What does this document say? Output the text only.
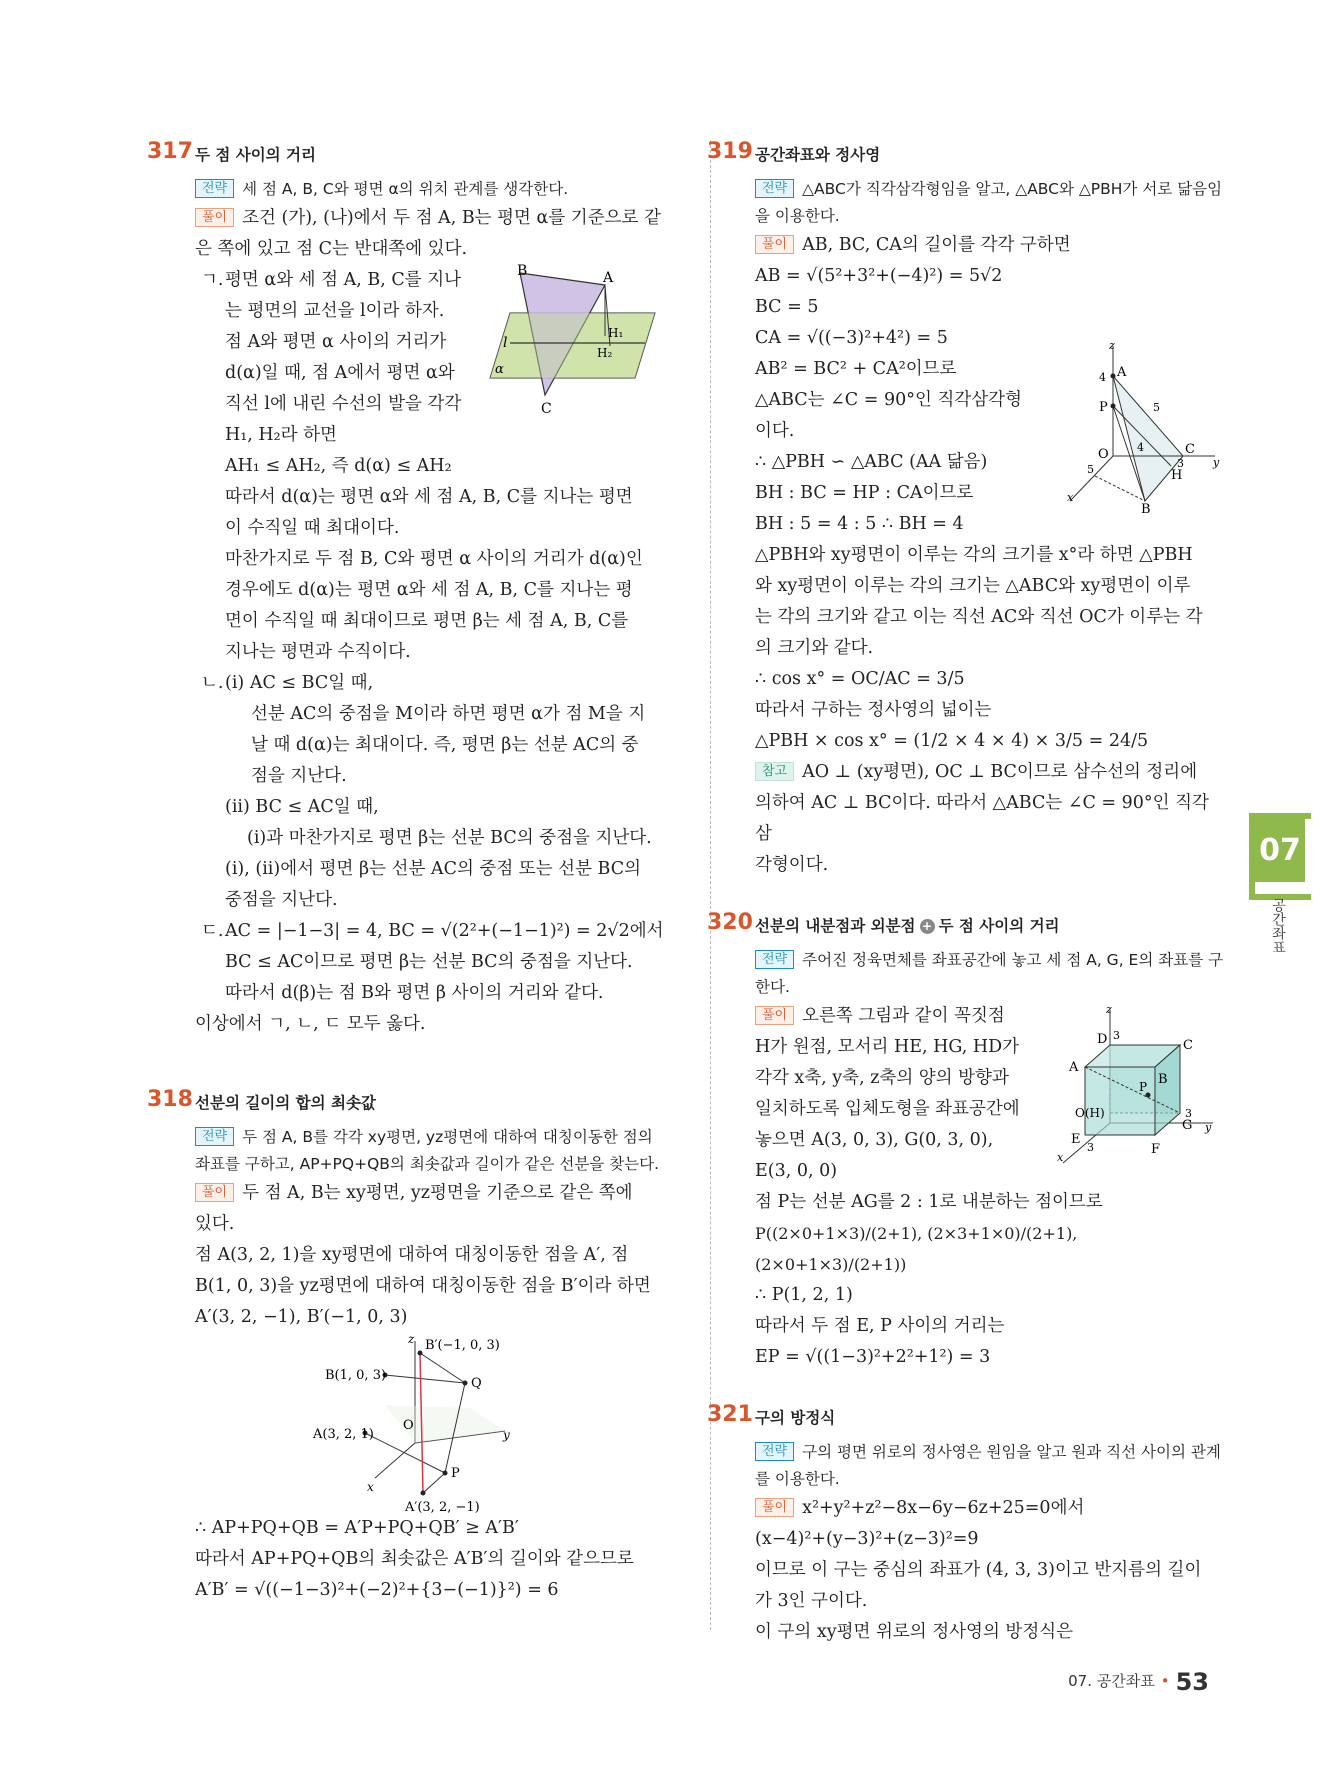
317 두 점 사이의 거리

전략 세 점 A, B, C와 평면 α의 위치 관계를 생각한다.

풀이 조건 (가), (나)에서 두 점 A, B는 평면 α를 기준으로 같

은 쪽에 있고 점 C는 반대쪽에 있다.

B	A
H₁
H₂
l
α
C

ㄱ.평면 α와 세 점 A, B, C를 지나

는 평면의 교선을 l이라 하자.

점 A와 평면 α 사이의 거리가

d(α)일 때, 점 A에서 평면 α와

직선 l에 내린 수선의 발을 각각

H₁, H₂라 하면

AH₁ ≤ AH₂, 즉 d(α) ≤ AH₂

따라서 d(α)는 평면 α와 세 점 A, B, C를 지나는 평면

이 수직일 때 최대이다.

마찬가지로 두 점 B, C와 평면 α 사이의 거리가 d(α)인

경우에도 d(α)는 평면 α와 세 점 A, B, C를 지나는 평

면이 수직일 때 최대이므로 평면 β는 세 점 A, B, C를

지나는 평면과 수직이다.

ㄴ.(i) AC ≤ BC일 때,

선분 AC의 중점을 M이라 하면 평면 α가 점 M을 지

날 때 d(α)는 최대이다. 즉, 평면 β는 선분 AC의 중

점을 지난다.

(ii) BC ≤ AC일 때,

(i)과 마찬가지로 평면 β는 선분 BC의 중점을 지난다.

(i), (ii)에서 평면 β는 선분 AC의 중점 또는 선분 BC의

중점을 지난다.

ㄷ.AC = |−1−3| = 4, BC = √(2²+(−1−1)²) = 2√2에서

BC ≤ AC이므로 평면 β는 선분 BC의 중점을 지난다.

따라서 d(β)는 점 B와 평면 β 사이의 거리와 같다.

이상에서 ㄱ, ㄴ, ㄷ 모두 옳다.

318 선분의 길이의 합의 최솟값

전략 두 점 A, B를 각각 xy평면, yz평면에 대하여 대칭이동한 점의 좌표를 구하고, AP+PQ+QB의 최솟값과 길이가 같은 선분을 찾는다.

풀이 두 점 A, B는 xy평면, yz평면을 기준으로 같은 쪽에

있다.

점 A(3, 2, 1)을 xy평면에 대하여 대칭이동한 점을 A′, 점

B(1, 0, 3)을 yz평면에 대하여 대칭이동한 점을 B′이라 하면

A′(3, 2, −1), B′(−1, 0, 3)

z B′(−1, 0, 3)
B(1, 0, 3)
Q
O
A(3, 2, 1)	y
x
P
A′(3, 2, −1)

∴ AP+PQ+QB = A′P+PQ+QB′ ≥ A′B′

따라서 AP+PQ+QB의 최솟값은 A′B′의 길이와 같으므로

A′B′ = √((−1−3)²+(−2)²+{3−(−1)}²) = 6

319 공간좌표와 정사영

전략 △ABC가 직각삼각형임을 알고, △ABC와 △PBH가 서로 닮음임을 이용한다.

풀이 AB, BC, CA의 길이를 각각 구하면

z
4 A
P	5
O	4	C
3
H
y
5
x
B

AB = √(5²+3²+(−4)²) = 5√2

BC = 5

CA = √((−3)²+4²) = 5

AB² = BC² + CA²이므로

△ABC는 ∠C = 90°인 직각삼각형

이다.

∴ △PBH ∽ △ABC (AA 닮음)

BH : BC = HP : CA이므로

BH : 5 = 4 : 5 ∴ BH = 4

△PBH와 xy평면이 이루는 각의 크기를 x°라 하면 △PBH

와 xy평면이 이루는 각의 크기는 △ABC와 xy평면이 이루

는 각의 크기와 같고 이는 직선 AC와 직선 OC가 이루는 각

의 크기와 같다.

∴ cos x° = OC/AC = 3/5

따라서 구하는 정사영의 넓이는

△PBH × cos x° = (1/2 × 4 × 4) × 3/5 = 24/5

참고 AO ⊥ (xy평면), OC ⊥ BC이므로 삼수선의 정리에

의하여 AC ⊥ BC이다. 따라서 △ABC는 ∠C = 90°인 직각삼

각형이다.

320 선분의 내분점과 외분점 + 두 점 사이의 거리

전략 주어진 정육면체를 좌표공간에 놓고 세 점 A, G, E의 좌표를 구한다.

z
D 3
C
A
B
P
O(H)
G
3
y
E
x
3	F

풀이 오른쪽 그림과 같이 꼭짓점

H가 원점, 모서리 HE, HG, HD가

각각 x축, y축, z축의 양의 방향과

일치하도록 입체도형을 좌표공간에

놓으면 A(3, 0, 3), G(0, 3, 0),

E(3, 0, 0)

점 P는 선분 AG를 2 : 1로 내분하는 점이므로

P((2×0+1×3)/(2+1), (2×3+1×0)/(2+1), (2×0+1×3)/(2+1))

∴ P(1, 2, 1)

따라서 두 점 E, P 사이의 거리는

EP = √((1−3)²+2²+1²) = 3

321 구의 방정식

전략 구의 평면 위로의 정사영은 원임을 알고 원과 직선 사이의 관계를 이용한다.

풀이 x²+y²+z²−8x−6y−6z+25=0에서

(x−4)²+(y−3)²+(z−3)²=9

이므로 이 구는 중심의 좌표가 (4, 3, 3)이고 반지름의 길이

가 3인 구이다.

이 구의 xy평면 위로의 정사영의 방정식은

07
공간좌표
07. 공간좌표 • 53
